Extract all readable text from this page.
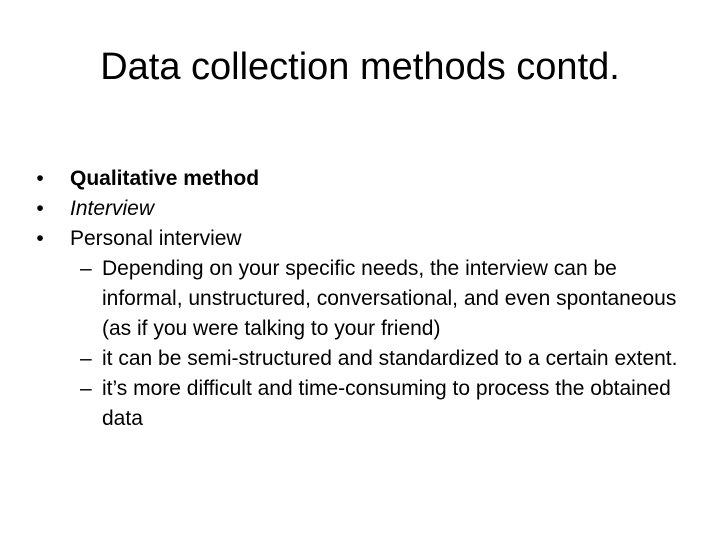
Data collection methods contd.
•	Qualitative method
•	Interview
•	Personal interview
– Depending on your specific needs, the interview can be informal, unstructured, conversational, and even spontaneous (as if you were talking to your friend)
– it can be semi-structured and standardized to a certain extent.
– it’s more difficult and time-consuming to process the obtained data
